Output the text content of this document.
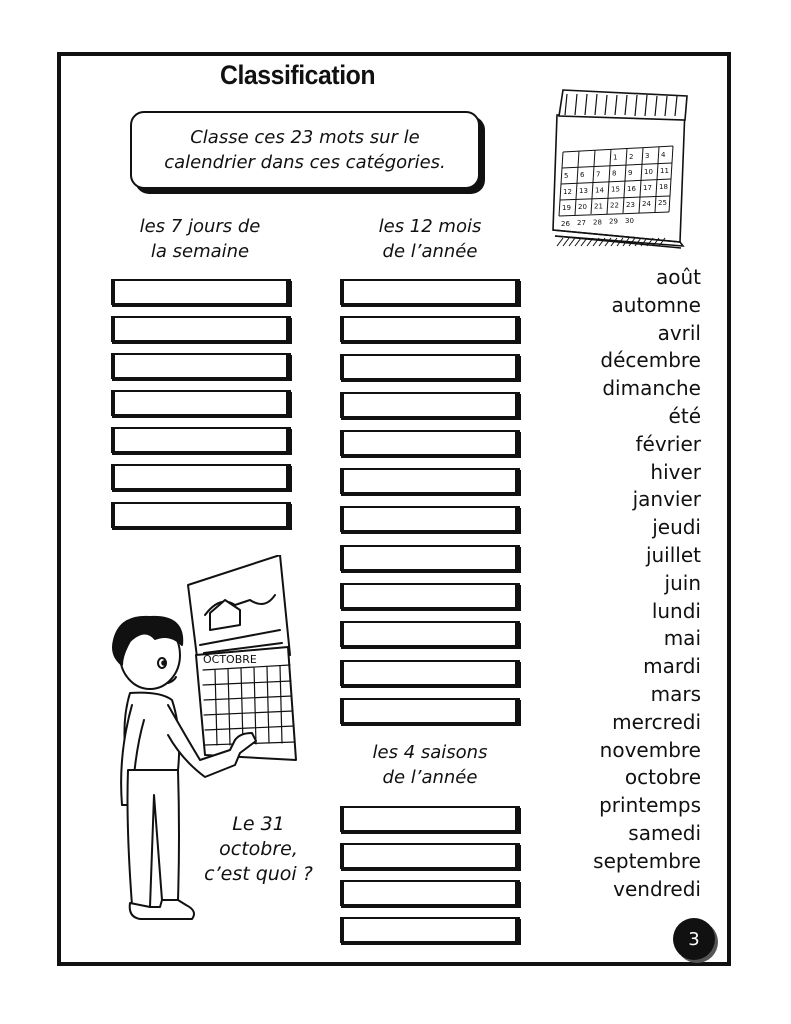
Classification
Classe ces 23 mots sur le calendrier dans ces catégories.	1 2 3 4
5 6 7 8 9 10 11
12 13 14 15 16 17 18
19 20 21 22 23 24 25
26 27 28 29 30
les 7 jours de
la semaine
les 12 mois
de l’année
les 4 saisons
de l’année
août
automne
avril
décembre
dimanche
été
février
hiver
janvier
jeudi
juillet
juin
lundi
mai
mardi
mars
mercredi
novembre
octobre
printemps
samedi
septembre
vendredi
OCTOBRE
Le 31
octobre,
c’est quoi ?
3
